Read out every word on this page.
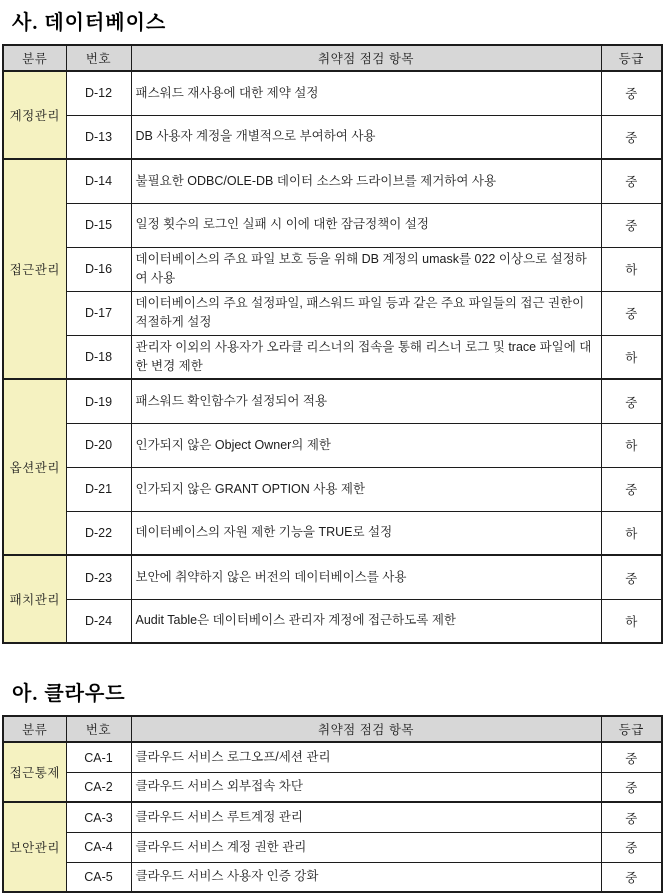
사. 데이터베이스
분류	번호	취약점 점검 항목	등급
계정관리	D-12	패스워드 재사용에 대한 제약 설정	중
	D-13	DB 사용자 계정을 개별적으로 부여하여 사용	중
접근관리	D-14	불필요한 ODBC/OLE-DB 데이터 소스와 드라이브를 제거하여 사용	중
	D-15	일정 횟수의 로그인 실패 시 이에 대한 잠금정책이 설정	중
	D-16	데이터베이스의 주요 파일 보호 등을 위해 DB 계정의 umask를 022 이상으로 설정하여 사용	하
	D-17	데이터베이스의 주요 설정파일, 패스워드 파일 등과 같은 주요 파일들의 접근 권한이 적절하게 설정	중
	D-18	관리자 이외의 사용자가 오라클 리스너의 접속을 통해 리스너 로그 및 trace 파일에 대한 변경 제한	하
옵션관리	D-19	패스워드 확인함수가 설정되어 적용	중
	D-20	인가되지 않은 Object Owner의 제한	하
	D-21	인가되지 않은 GRANT OPTION 사용 제한	중
	D-22	데이터베이스의 자원 제한 기능을 TRUE로 설정	하
패치관리	D-23	보안에 취약하지 않은 버전의 데이터베이스를 사용	중
	D-24	Audit Table은 데이터베이스 관리자 계정에 접근하도록 제한	하
아. 클라우드
분류	번호	취약점 점검 항목	등급
접근통제	CA-1	클라우드 서비스 로그오프/세션 관리	중
	CA-2	클라우드 서비스 외부접속 차단	중
보안관리	CA-3	클라우드 서비스 루트계정 관리	중
	CA-4	클라우드 서비스 계정 권한 관리	중
	CA-5	클라우드 서비스 사용자 인증 강화	중
